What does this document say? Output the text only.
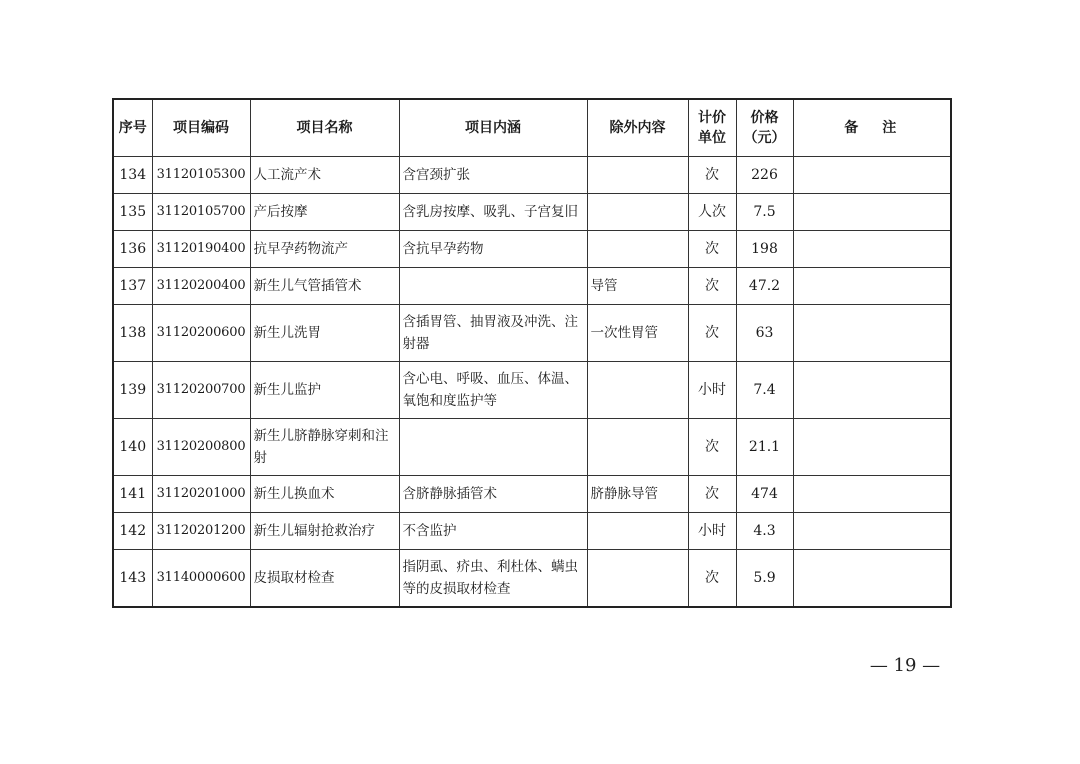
序号	项目编码	项目名称	项目内涵	除外内容	计价单位	价格（元）	备注
134	31120105300	人工流产术	含宫颈扩张		次	226	
135	31120105700	产后按摩	含乳房按摩、吸乳、子宫复旧		人次	7.5	
136	31120190400	抗早孕药物流产	含抗早孕药物		次	198	
137	31120200400	新生儿气管插管术		导管	次	47.2	
138	31120200600	新生儿洗胃	含插胃管、抽胃液及冲洗、注射器	一次性胃管	次	63	
139	31120200700	新生儿监护	含心电、呼吸、血压、体温、氧饱和度监护等		小时	7.4	
140	31120200800	新生儿脐静脉穿刺和注射			次	21.1	
141	31120201000	新生儿换血术	含脐静脉插管术	脐静脉导管	次	474	
142	31120201200	新生儿辐射抢救治疗	不含监护		小时	4.3	
143	31140000600	皮损取材检查	指阴虱、疥虫、利杜体、螨虫等的皮损取材检查		次	5.9	
— 19 —
